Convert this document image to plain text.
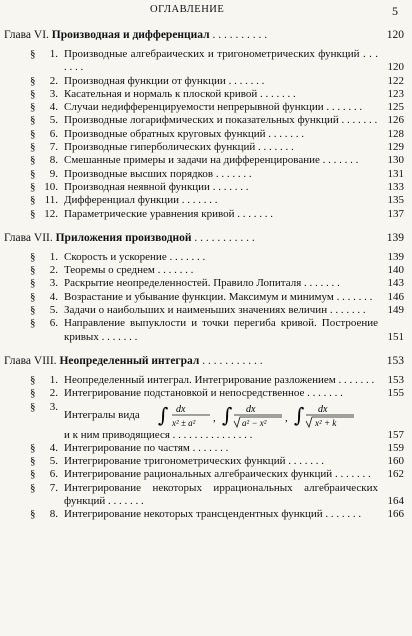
ОГЛАВЛЕНИЕ	5
Глава VI. Производная и дифференциал . . . . . . . . . .	120
§	1. Производные алгебраических и тригонометрических функций . . . . . . .	120
§	2. Производная функции от функции . . . . . . .	122
§	3. Касательная и нормаль к плоской кривой . . . . . . .	123
§	4. Случаи недифференцируемости непрерывной функции . . . . . . .	125
§	5. Производные логарифмических и показательных функций . . . . . . . 126
§	6. Производные обратных круговых функций . . . . . . .	128
§	7. Производные гиперболических функций . . . . . . .	129
§	8. Смешанные примеры и задачи на дифференцирование . . . . . . .	130
§	9. Производные высших порядков . . . . . . .	131
§ 10. Производная неявной функции . . . . . . .	133
§ 11. Дифференциал функции . . . . . . .	135
§ 12. Параметрические уравнения кривой . . . . . . .	137
Глава VII. Приложения производной . . . . . . . . . . .	139
§	1. Скорость и ускорение . . . . . . .	139
§	2. Теоремы о среднем . . . . . . .	140
§	3. Раскрытие неопределенностей. Правило Лопиталя . . . . . . .	143
§	4. Возрастание и убывание функции. Максимум и минимум . . . . . . .	146
§	5. Задачи о наибольших и наименьших значениях величин . . . . . . .	149
§	6. Направление выпуклости и точки перегиба кривой. Построение кривых . . . . . . .	151
Глава VIII. Неопределенный интеграл . . . . . . . . . . .	153
§	1. Неопределенный интеграл. Интегрирование разложением . . . . . . .	153
§	2. Интегрирование подстановкой и непосредственное . . . . . . .	155
§	3.
Интегралы вида ∫ dx
x² ± a² , ∫ dx
a² − x² , ∫ dx
x² + k
и к ним приводящиеся . . . . . . . . . . . . . . .	157
§	4. Интегрирование по частям . . . . . . .	159
§	5. Интегрирование тригонометрических функций . . . . . . .	160
§	6. Интегрирование рациональных алгебраических функций . . . . . . .	162
§	7. Интегрирование некоторых иррациональных алгебраических функций . . . . . . .	164
§	8. Интегрирование некоторых трансцендентных функций . . . . . . .	166
